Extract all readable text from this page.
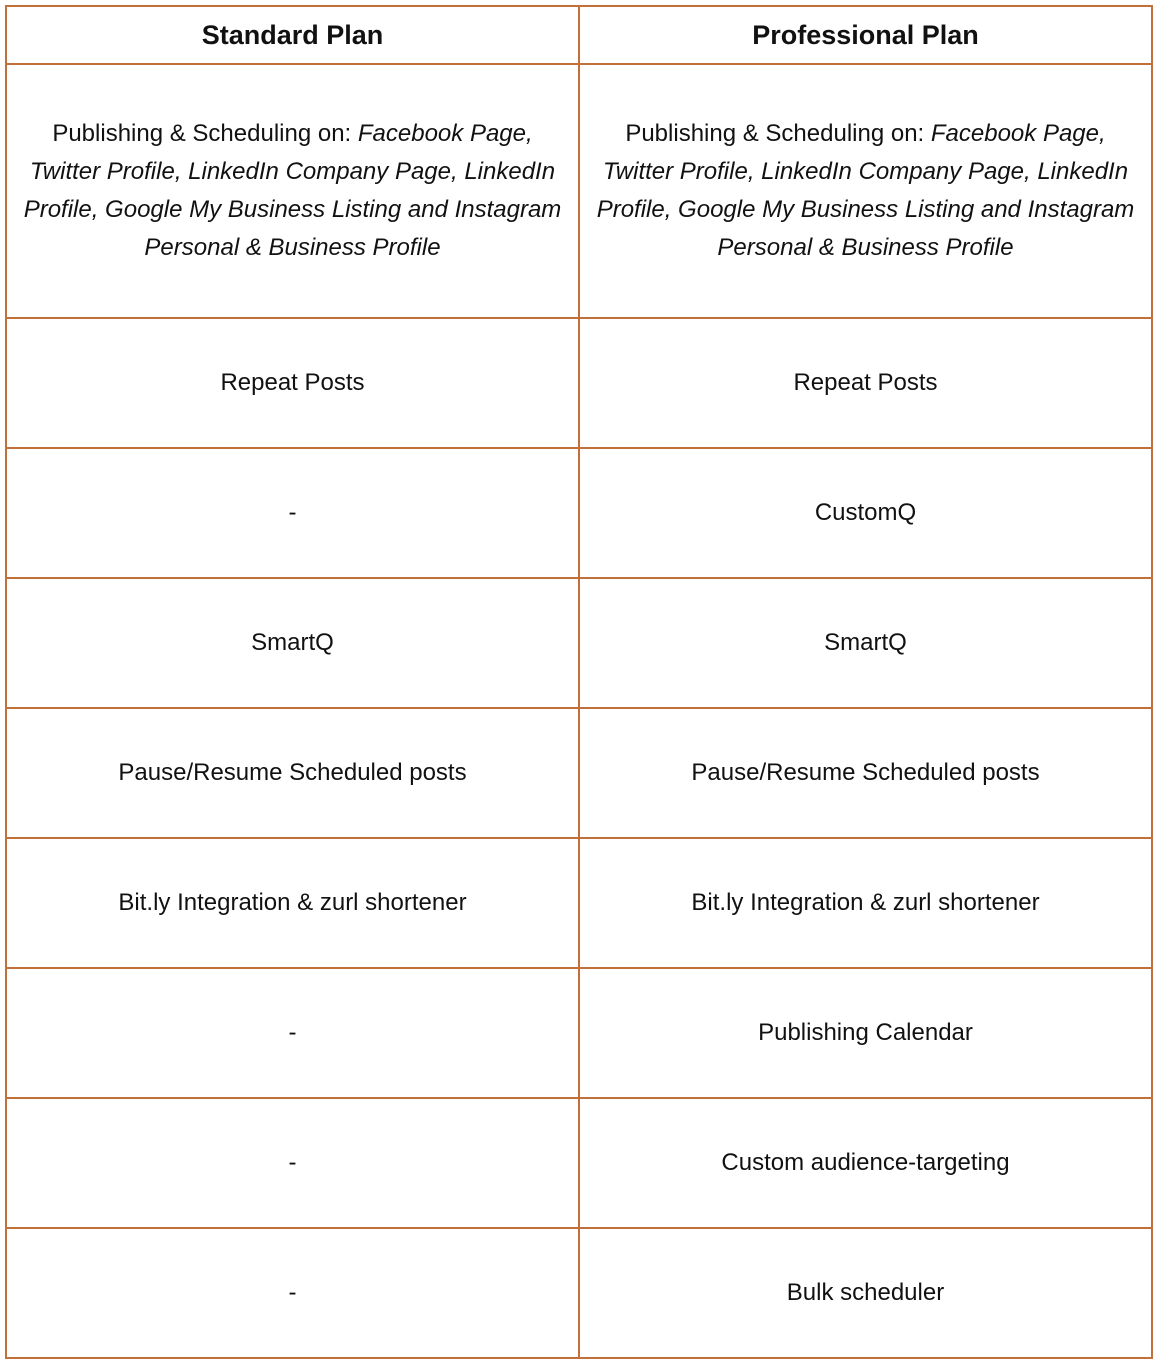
Standard Plan	Professional Plan
Publishing & Scheduling on: Facebook Page, Twitter Profile, LinkedIn Company Page, LinkedIn Profile, Google My Business Listing and Instagram Personal & Business Profile	Publishing & Scheduling on: Facebook Page, Twitter Profile, LinkedIn Company Page, LinkedIn Profile, Google My Business Listing and Instagram Personal & Business Profile
Repeat Posts	Repeat Posts
-	CustomQ
SmartQ	SmartQ
Pause/Resume Scheduled posts	Pause/Resume Scheduled posts
Bit.ly Integration & zurl shortener	Bit.ly Integration & zurl shortener
-	Publishing Calendar
-	Custom audience-targeting
-	Bulk scheduler
